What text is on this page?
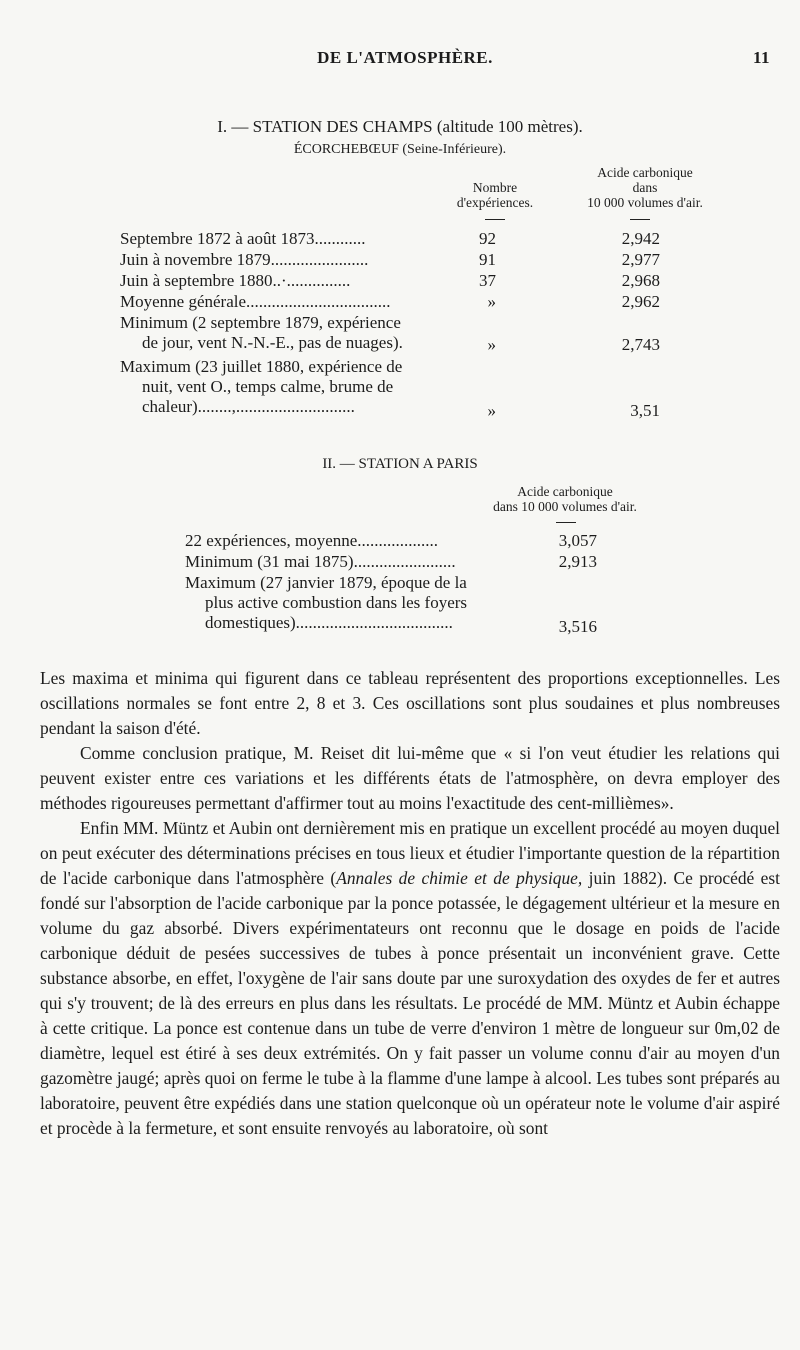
DE L'ATMOSPHÈRE.	11
I. — STATION DES CHAMPS (altitude 100 mètres).
ÉCORCHEBŒUF (Seine-Inférieure).
Nombre
d'expériences.
Acide carbonique
dans
10 000 volumes d'air.
Septembre 1872 à août 1873............	92	2,942
Juin à novembre 1879.......................	91	2,977
Juin à septembre 1880..·...............	37	2,968
Moyenne générale..................................	»	2,962
Minimum (2 septembre 1879, expérience
de jour, vent N.-N.-E., pas de nuages).	»	2,743
Maximum (23 juillet 1880, expérience de
nuit, vent O., temps calme, brume de
chaleur)........,............................	»	3,51
II. — STATION A PARIS
Acide carbonique
dans 10 000 volumes d'air.
22 expériences, moyenne...................	3,057
Minimum (31 mai 1875)........................	2,913
Maximum (27 janvier 1879, époque de la
plus active combustion dans les foyers
domestiques).....................................	3,516

Les maxima et minima qui figurent dans ce tableau représentent des proportions exceptionnelles. Les oscillations normales se font entre 2, 8 et 3. Ces oscillations sont plus soudaines et plus nombreuses pendant la saison d'été.

Comme conclusion pratique, M. Reiset dit lui-même que « si l'on veut étudier les relations qui peuvent exister entre ces variations et les différents états de l'atmosphère, on devra employer des méthodes rigoureuses permettant d'affirmer tout au moins l'exactitude des cent-millièmes».

Enfin MM. Müntz et Aubin ont dernièrement mis en pratique un excellent procédé au moyen duquel on peut exécuter des déterminations précises en tous lieux et étudier l'importante question de la répartition de l'acide carbonique dans l'atmosphère (Annales de chimie et de physique, juin 1882). Ce procédé est fondé sur l'absorption de l'acide carbonique par la ponce potassée, le dégagement ultérieur et la mesure en volume du gaz absorbé. Divers expérimentateurs ont reconnu que le dosage en poids de l'acide carbonique déduit de pesées successives de tubes à ponce présentait un inconvénient grave. Cette substance absorbe, en effet, l'oxygène de l'air sans doute par une suroxydation des oxydes de fer et autres qui s'y trouvent; de là des erreurs en plus dans les résultats. Le procédé de MM. Müntz et Aubin échappe à cette critique. La ponce est contenue dans un tube de verre d'environ 1 mètre de longueur sur 0m,02 de diamètre, lequel est étiré à ses deux extrémités. On y fait passer un volume connu d'air au moyen d'un gazomètre jaugé; après quoi on ferme le tube à la flamme d'une lampe à alcool. Les tubes sont préparés au laboratoire, peuvent être expédiés dans une station quelconque où un opérateur note le volume d'air aspiré et procède à la fermeture, et sont ensuite renvoyés au laboratoire, où sont
